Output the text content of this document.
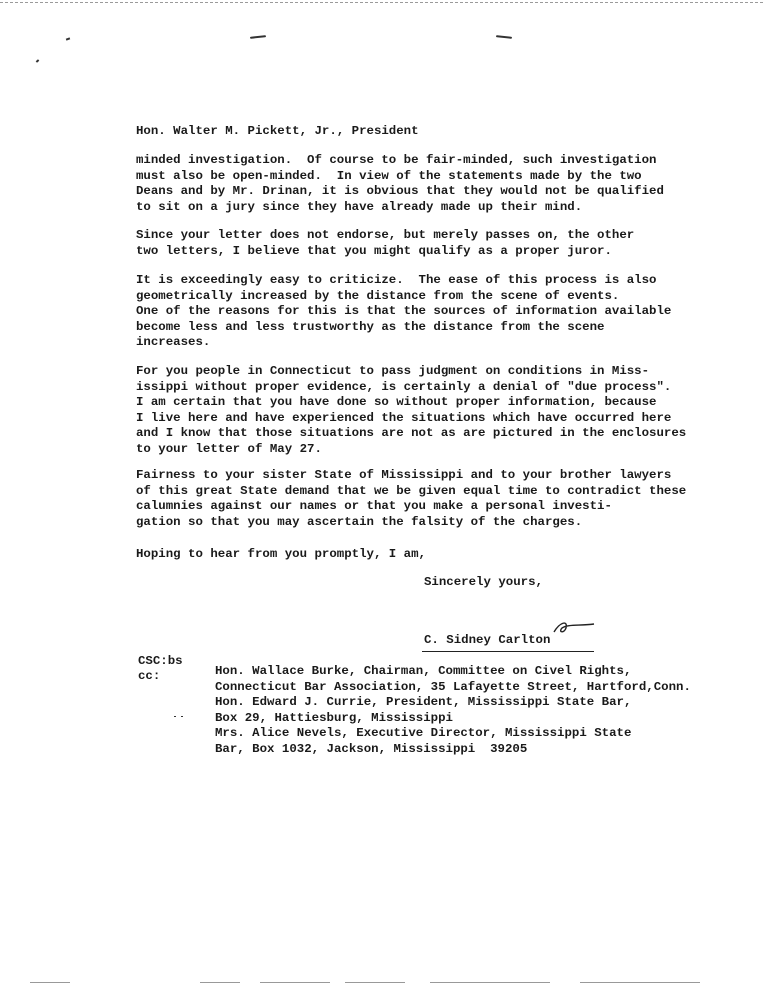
Hon. Walter M. Pickett, Jr., President
minded investigation.  Of course to be fair-minded, such investigation
must also be open-minded.  In view of the statements made by the two
Deans and by Mr. Drinan, it is obvious that they would not be qualified
to sit on a jury since they have already made up their mind.
Since your letter does not endorse, but merely passes on, the other
two letters, I believe that you might qualify as a proper juror.
It is exceedingly easy to criticize.  The ease of this process is also
geometrically increased by the distance from the scene of events.
One of the reasons for this is that the sources of information available
become less and less trustworthy as the distance from the scene
increases.
For you people in Connecticut to pass judgment on conditions in Miss-
issippi without proper evidence, is certainly a denial of "due process".
I am certain that you have done so without proper information, because
I live here and have experienced the situations which have occurred here
and I know that those situations are not as are pictured in the enclosures
to your letter of May 27.
Fairness to your sister State of Mississippi and to your brother lawyers
of this great State demand that we be given equal time to contradict these
calumnies against our names or that you make a personal investi-
gation so that you may ascertain the falsity of the charges.
Hoping to hear from you promptly, I am,
Sincerely yours,
C. Sidney Carlton
CSC:bs
cc:	Hon. Wallace Burke, Chairman, Committee on Civel Rights,
Connecticut Bar Association, 35 Lafayette Street, Hartford,Conn.
Hon. Edward J. Currie, President, Mississippi State Bar,
Box 29, Hattiesburg, Mississippi
Mrs. Alice Nevels, Executive Director, Mississippi State
Bar, Box 1032, Jackson, Mississippi  39205
